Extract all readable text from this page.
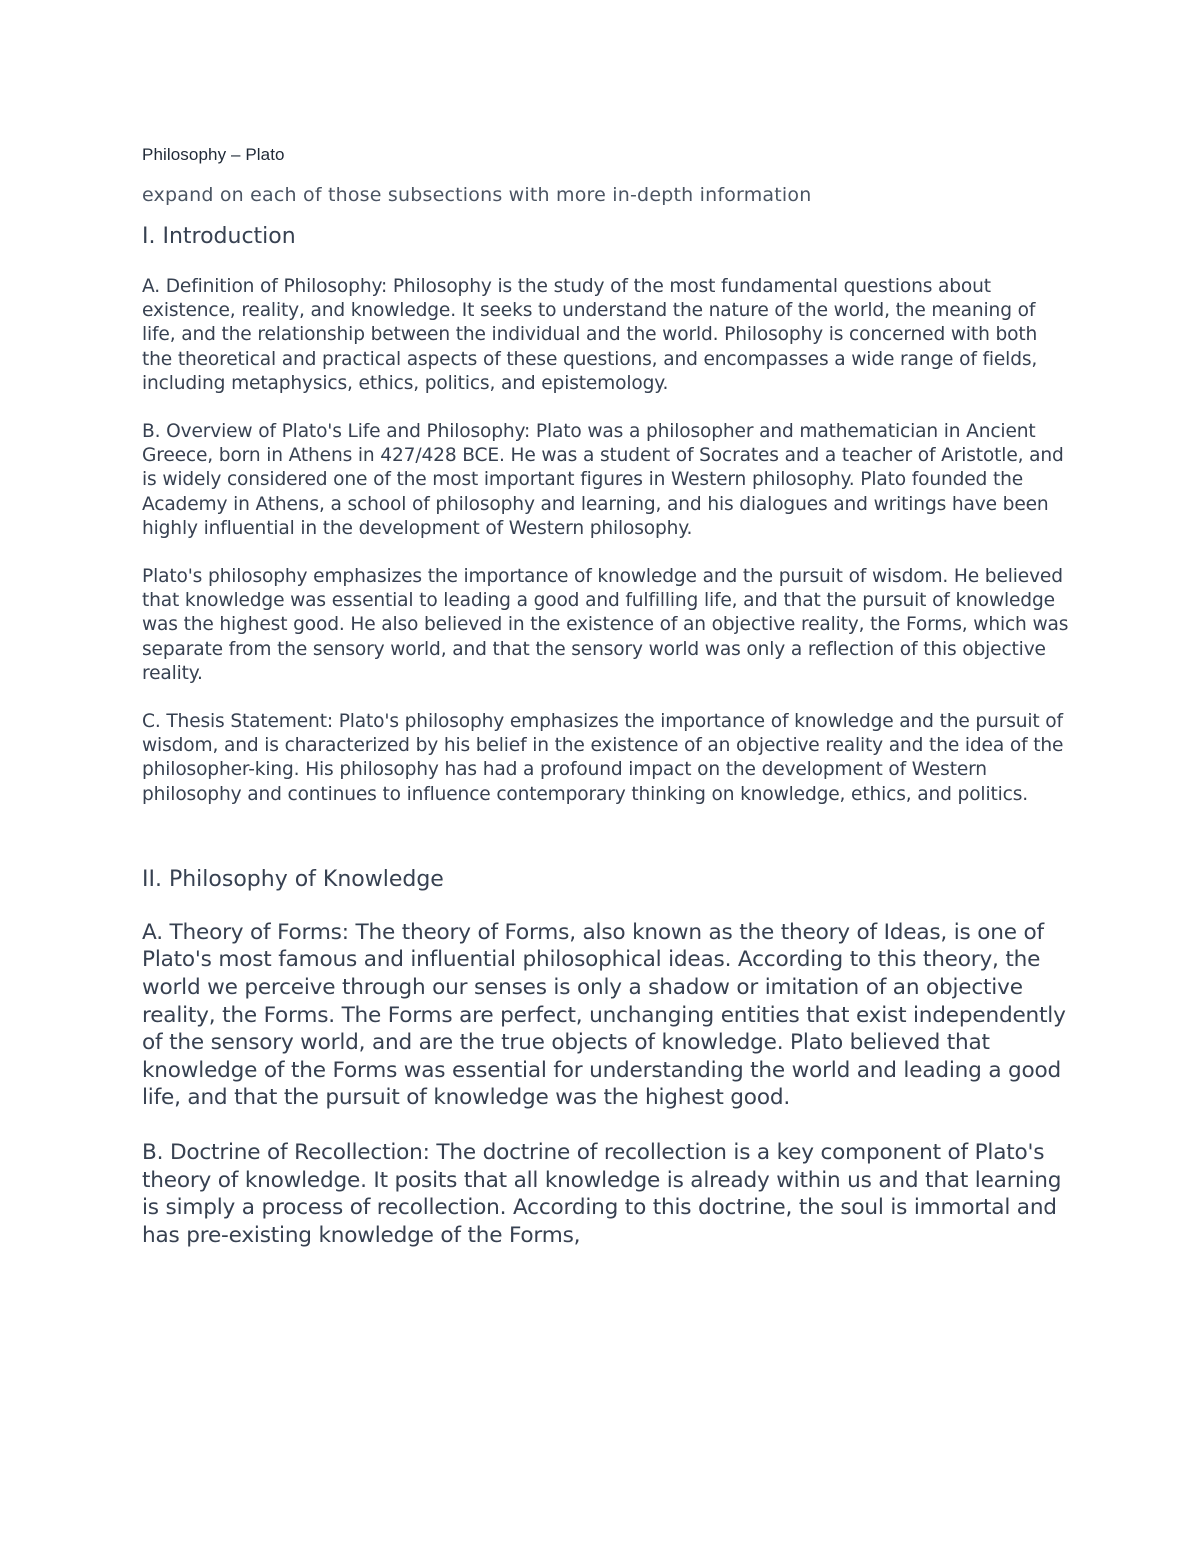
Philosophy – Plato
expand on each of those subsections with more in-depth information
I. Introduction

A. Definition of Philosophy: Philosophy is the study of the most fundamental questions about existence, reality, and knowledge. It seeks to understand the nature of the world, the meaning of life, and the relationship between the individual and the world. Philosophy is concerned with both the theoretical and practical aspects of these questions, and encompasses a wide range of fields, including metaphysics, ethics, politics, and epistemology.

B. Overview of Plato's Life and Philosophy: Plato was a philosopher and mathematician in Ancient Greece, born in Athens in 427/428 BCE. He was a student of Socrates and a teacher of Aristotle, and is widely considered one of the most important figures in Western philosophy. Plato founded the Academy in Athens, a school of philosophy and learning, and his dialogues and writings have been highly influential in the development of Western philosophy.

Plato's philosophy emphasizes the importance of knowledge and the pursuit of wisdom. He believed that knowledge was essential to leading a good and fulfilling life, and that the pursuit of knowledge was the highest good. He also believed in the existence of an objective reality, the Forms, which was separate from the sensory world, and that the sensory world was only a reflection of this objective reality.

C. Thesis Statement: Plato's philosophy emphasizes the importance of knowledge and the pursuit of wisdom, and is characterized by his belief in the existence of an objective reality and the idea of the philosopher-king. His philosophy has had a profound impact on the development of Western philosophy and continues to influence contemporary thinking on knowledge, ethics, and politics.

II. Philosophy of Knowledge

A. Theory of Forms: The theory of Forms, also known as the theory of Ideas, is one of Plato's most famous and influential philosophical ideas. According to this theory, the world we perceive through our senses is only a shadow or imitation of an objective reality, the Forms. The Forms are perfect, unchanging entities that exist independently of the sensory world, and are the true objects of knowledge. Plato believed that knowledge of the Forms was essential for understanding the world and leading a good life, and that the pursuit of knowledge was the highest good.

B. Doctrine of Recollection: The doctrine of recollection is a key component of Plato's theory of knowledge. It posits that all knowledge is already within us and that learning is simply a process of recollection. According to this doctrine, the soul is immortal and has pre-existing knowledge of the Forms,
